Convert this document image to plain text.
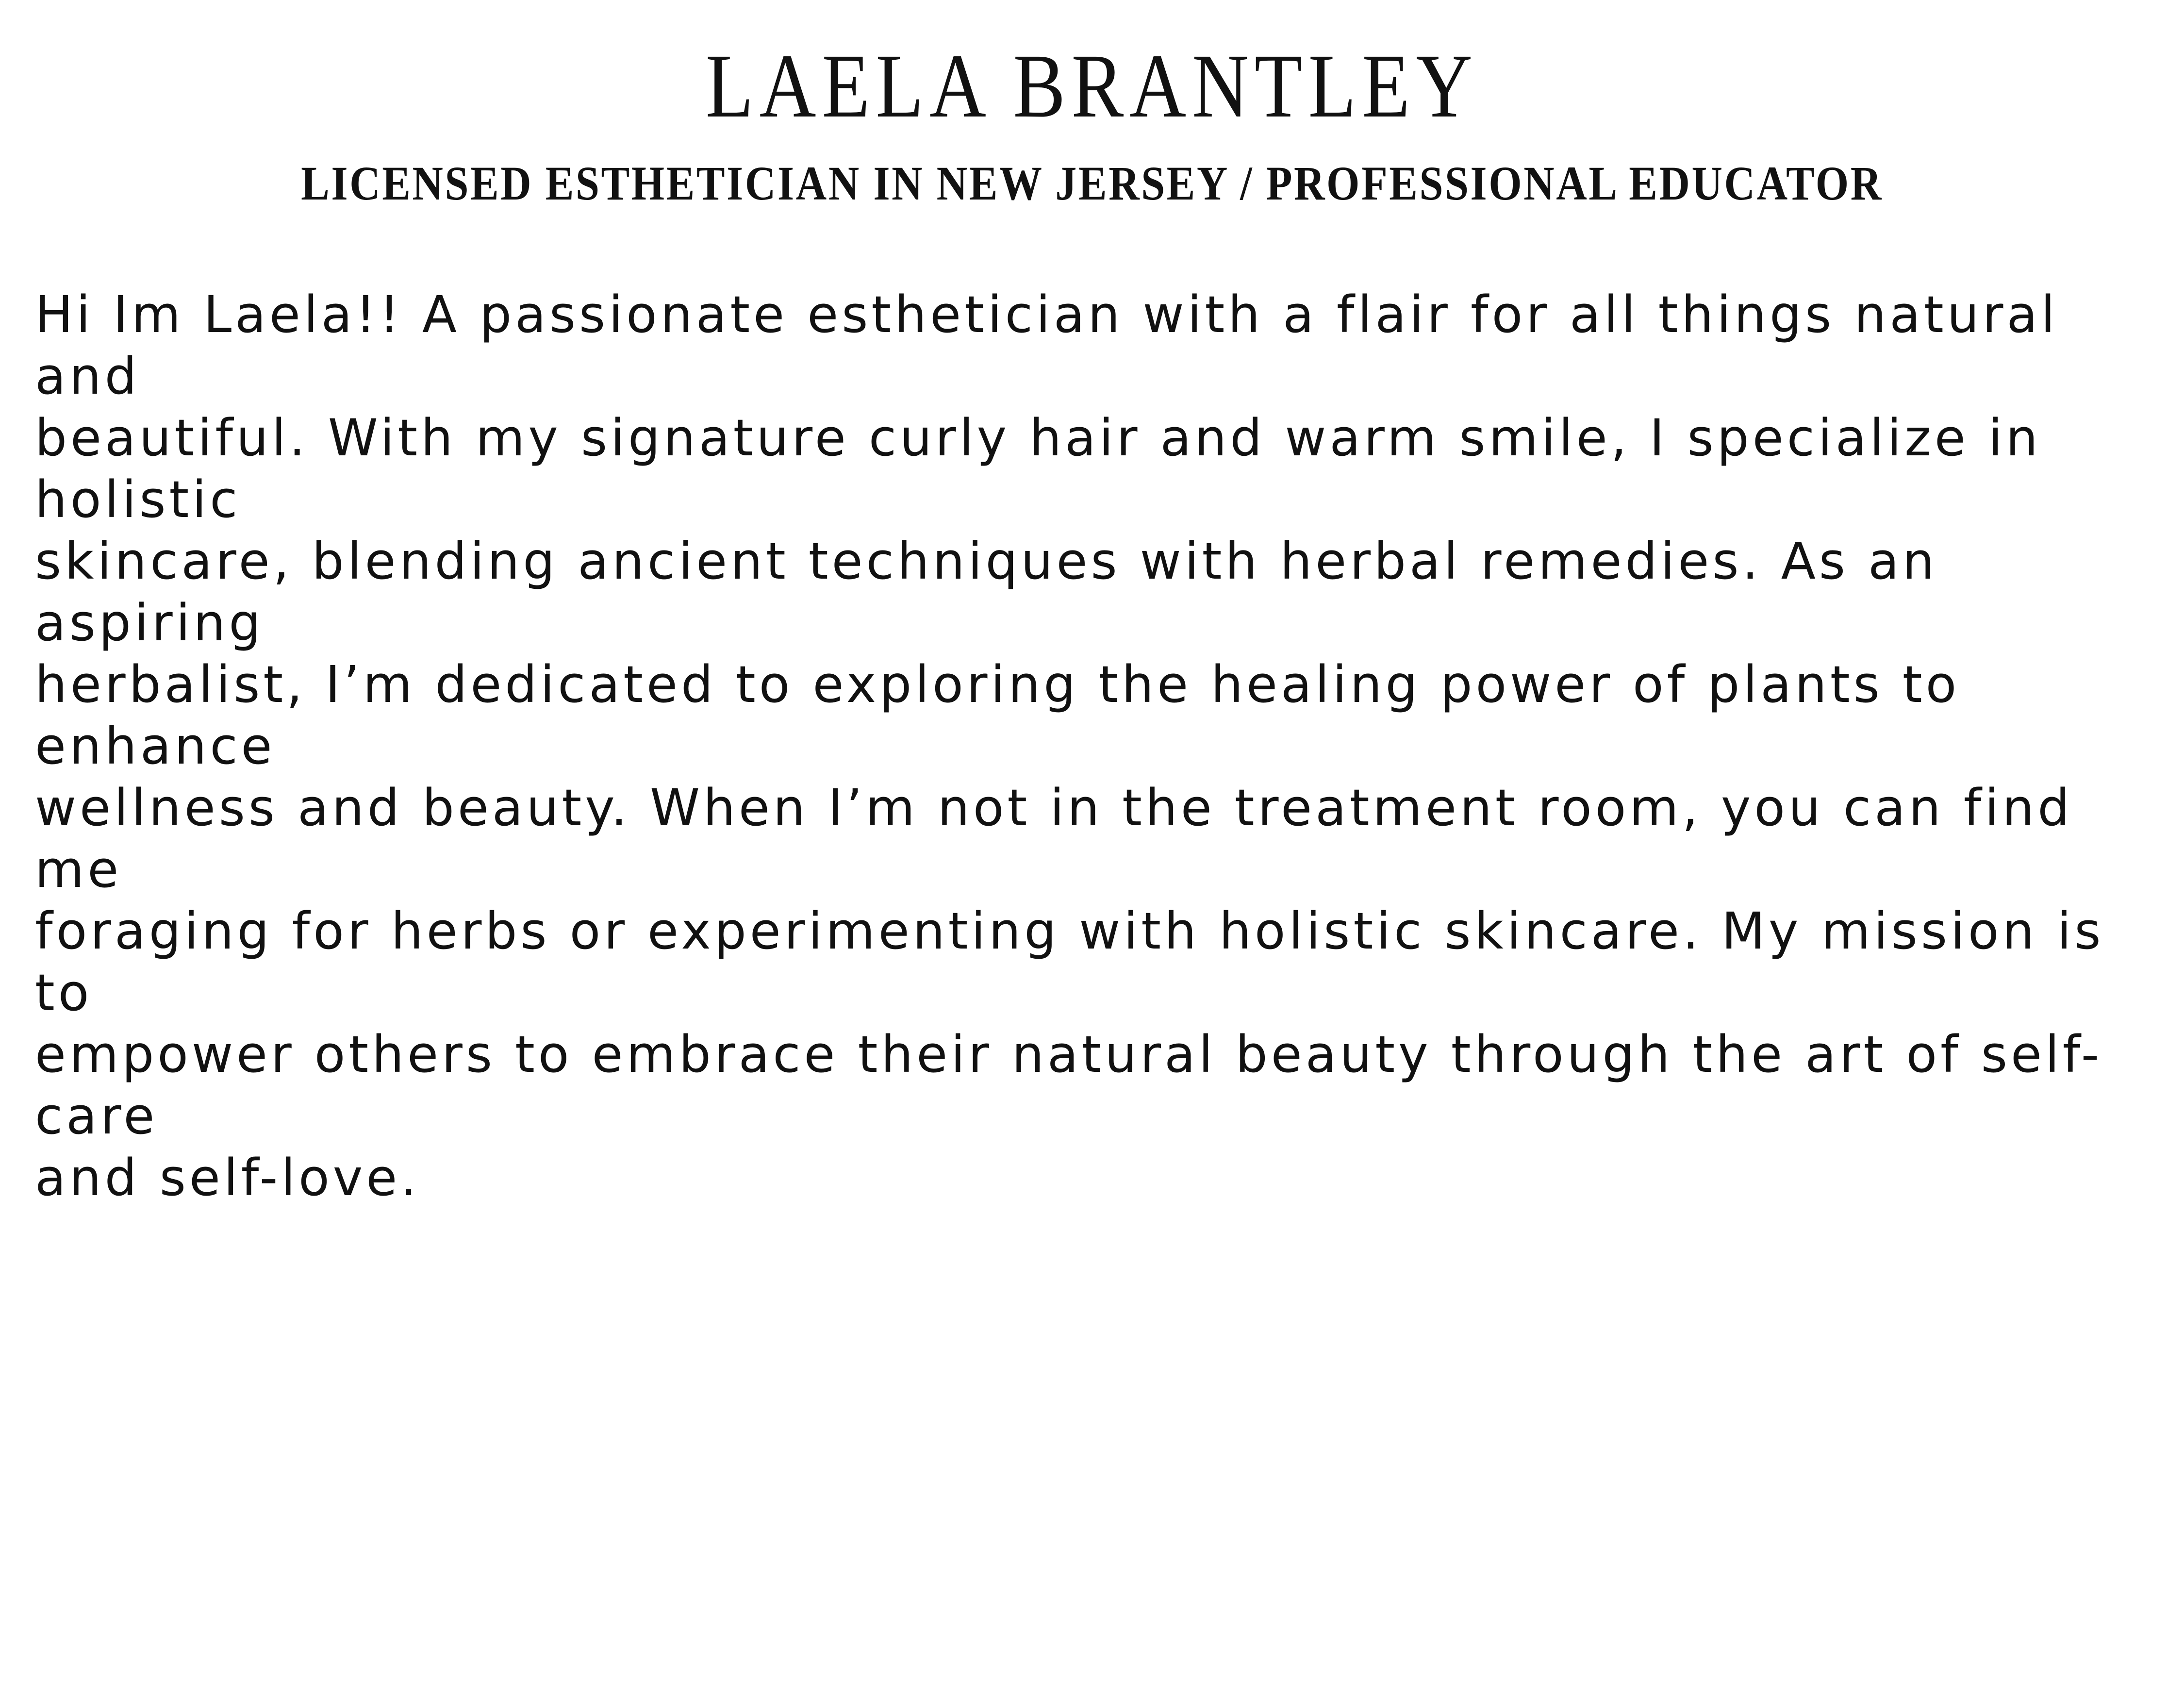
LAELA BRANTLEY
LICENSED ESTHETICIAN IN NEW JERSEY / PROFESSIONAL EDUCATOR

Hi Im Laela!! A passionate esthetician with a flair for all things natural and
beautiful. With my signature curly hair and warm smile, I specialize in holistic
skincare, blending ancient techniques with herbal remedies. As an aspiring
herbalist, I’m dedicated to exploring the healing power of plants to enhance
wellness and beauty. When I’m not in the treatment room, you can find me
foraging for herbs or experimenting with holistic skincare. My mission is to
empower others to embrace their natural beauty through the art of self-care
and self-love.
